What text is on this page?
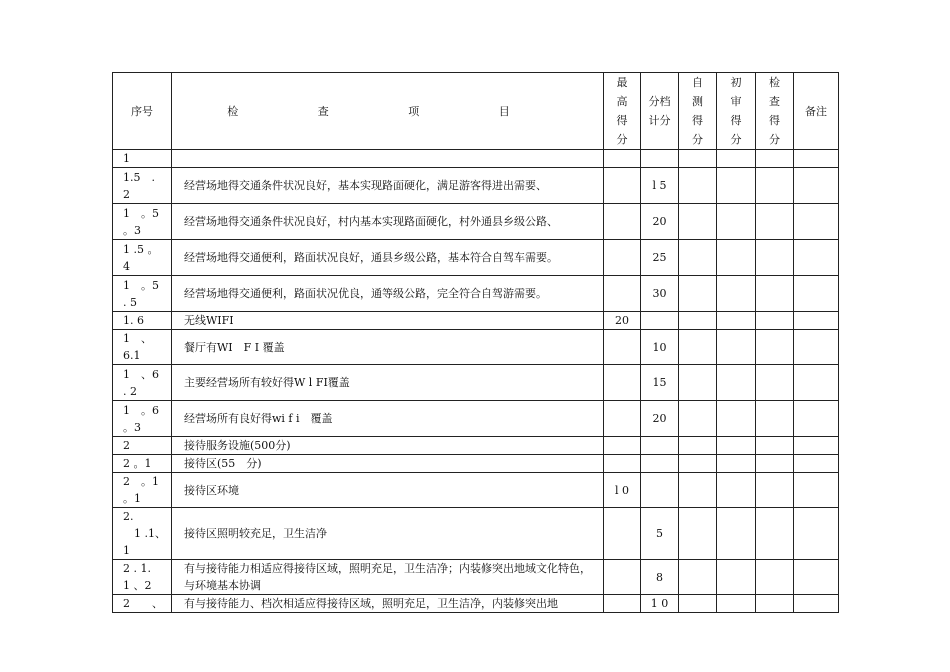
序号	检 查 项 目	最
高
得
分	分档
计分	自
测
得
分	初
审
得
分	检
查
得
分	备注
1							
1.5　.
2	经营场地得交通条件状况良好，基本实现路面硬化，满足游客得进出需要、		l 5				
1　。5
。3	经营场地得交通条件状况良好，村内基本实现路面硬化，村外通县乡级公路、		20				
1 .5 。
4	经营场地得交通便利，路面状况良好，通县乡级公路，基本符合自驾车需要。		25				
1　。5
. 5	经营场地得交通便利，路面状况优良，通等级公路，完全符合自驾游需要。		30				
1. 6	无线WIFI	20					
1　、6.1	餐厅有WI　F I 覆盖		10				
1　、6
. 2	主要经营场所有较好得W l FI覆盖		15				
1　。6
。3	经营场所有良好得wi f i　覆盖		20				
2	接待服务设施(500分)						
2 。1	接待区(55　分)						
2　。1
。1	接待区环境	l 0					
2.
　1 .1、
1	接待区照明较充足，卫生洁净		5				
2 . 1.
1 、2	有与接待能力相适应得接待区域，照明充足，卫生洁净；内装修突出地域文化特色，与环境基本协调		8				
2　　、	有与接待能力、档次相适应得接待区域，照明充足，卫生洁净，内装修突出地		1 0				
